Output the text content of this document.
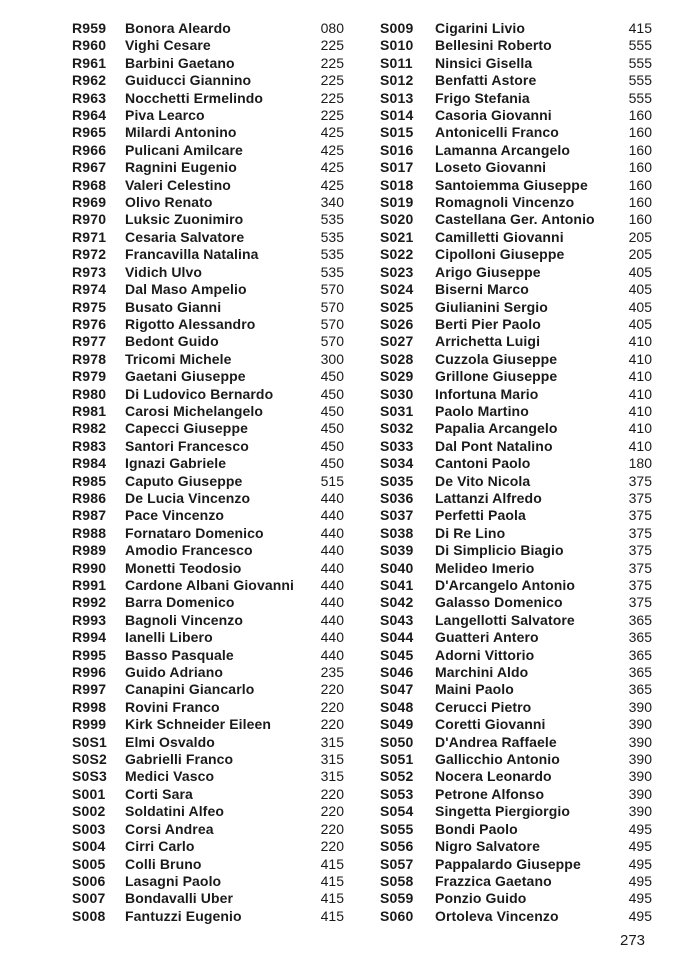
R959 Bonora Aleardo	080
R960 Vighi Cesare	225
R961 Barbini Gaetano	225
R962 Guiducci Giannino	225
R963 Nocchetti Ermelindo	225
R964 Piva Learco	225
R965 Milardi Antonino	425
R966 Pulicani Amilcare	425
R967 Ragnini Eugenio	425
R968 Valeri Celestino	425
R969 Olivo Renato	340
R970 Luksic Zuonimiro	535
R971 Cesaria Salvatore	535
R972 Francavilla Natalina	535
R973 Vidich Ulvo	535
R974 Dal Maso Ampelio	570
R975 Busato Gianni	570
R976 Rigotto Alessandro	570
R977 Bedont Guido	570
R978 Tricomi Michele	300
R979 Gaetani Giuseppe	450
R980 Di Ludovico Bernardo	450
R981 Carosi Michelangelo	450
R982 Capecci Giuseppe	450
R983 Santori Francesco	450
R984 Ignazi Gabriele	450
R985 Caputo Giuseppe	515
R986 De Lucia Vincenzo	440
R987 Pace Vincenzo	440
R988 Fornataro Domenico	440
R989 Amodio Francesco	440
R990 Monetti Teodosio	440
R991 Cardone Albani Giovanni 440
R992 Barra Domenico	440
R993 Bagnoli Vincenzo	440
R994 Ianelli Libero	440
R995 Basso Pasquale	440
R996 Guido Adriano	235
R997 Canapini Giancarlo	220
R998 Rovini Franco	220
R999 Kirk Schneider Eileen	220
S0S1 Elmi Osvaldo	315
S0S2 Gabrielli Franco	315
S0S3 Medici Vasco	315
S001 Corti Sara	220
S002 Soldatini Alfeo	220
S003 Corsi Andrea	220
S004 Cirri Carlo	220
S005 Colli Bruno	415
S006 Lasagni Paolo	415
S007 Bondavalli Uber	415
S008 Fantuzzi Eugenio	415
S009 Cigarini Livio	415
S010 Bellesini Roberto	555
S011 Ninsici Gisella	555
S012 Benfatti Astore	555
S013 Frigo Stefania	555
S014 Casoria Giovanni	160
S015 Antonicelli Franco	160
S016 Lamanna Arcangelo	160
S017 Loseto Giovanni	160
S018 Santoiemma Giuseppe	160
S019 Romagnoli Vincenzo	160
S020 Castellana Ger. Antonio 160
S021 Camilletti Giovanni	205
S022 Cipolloni Giuseppe	205
S023 Arigo Giuseppe	405
S024 Biserni Marco	405
S025 Giulianini Sergio	405
S026 Berti Pier Paolo	405
S027 Arrichetta Luigi	410
S028 Cuzzola Giuseppe	410
S029 Grillone Giuseppe	410
S030 Infortuna Mario	410
S031 Paolo Martino	410
S032 Papalia Arcangelo	410
S033 Dal Pont Natalino	410
S034 Cantoni Paolo	180
S035 De Vito Nicola	375
S036 Lattanzi Alfredo	375
S037 Perfetti Paola	375
S038 Di Re Lino	375
S039 Di Simplicio Biagio	375
S040 Melideo Imerio	375
S041 D'Arcangelo Antonio	375
S042 Galasso Domenico	375
S043 Langellotti Salvatore	365
S044 Guatteri Antero	365
S045 Adorni Vittorio	365
S046 Marchini Aldo	365
S047 Maini Paolo	365
S048 Cerucci Pietro	390
S049 Coretti Giovanni	390
S050 D'Andrea Raffaele	390
S051 Gallicchio Antonio	390
S052 Nocera Leonardo	390
S053 Petrone Alfonso	390
S054 Singetta Piergiorgio	390
S055 Bondi Paolo	495
S056 Nigro Salvatore	495
S057 Pappalardo Giuseppe	495
S058 Frazzica Gaetano	495
S059 Ponzio Guido	495
S060 Ortoleva Vincenzo	495
273
